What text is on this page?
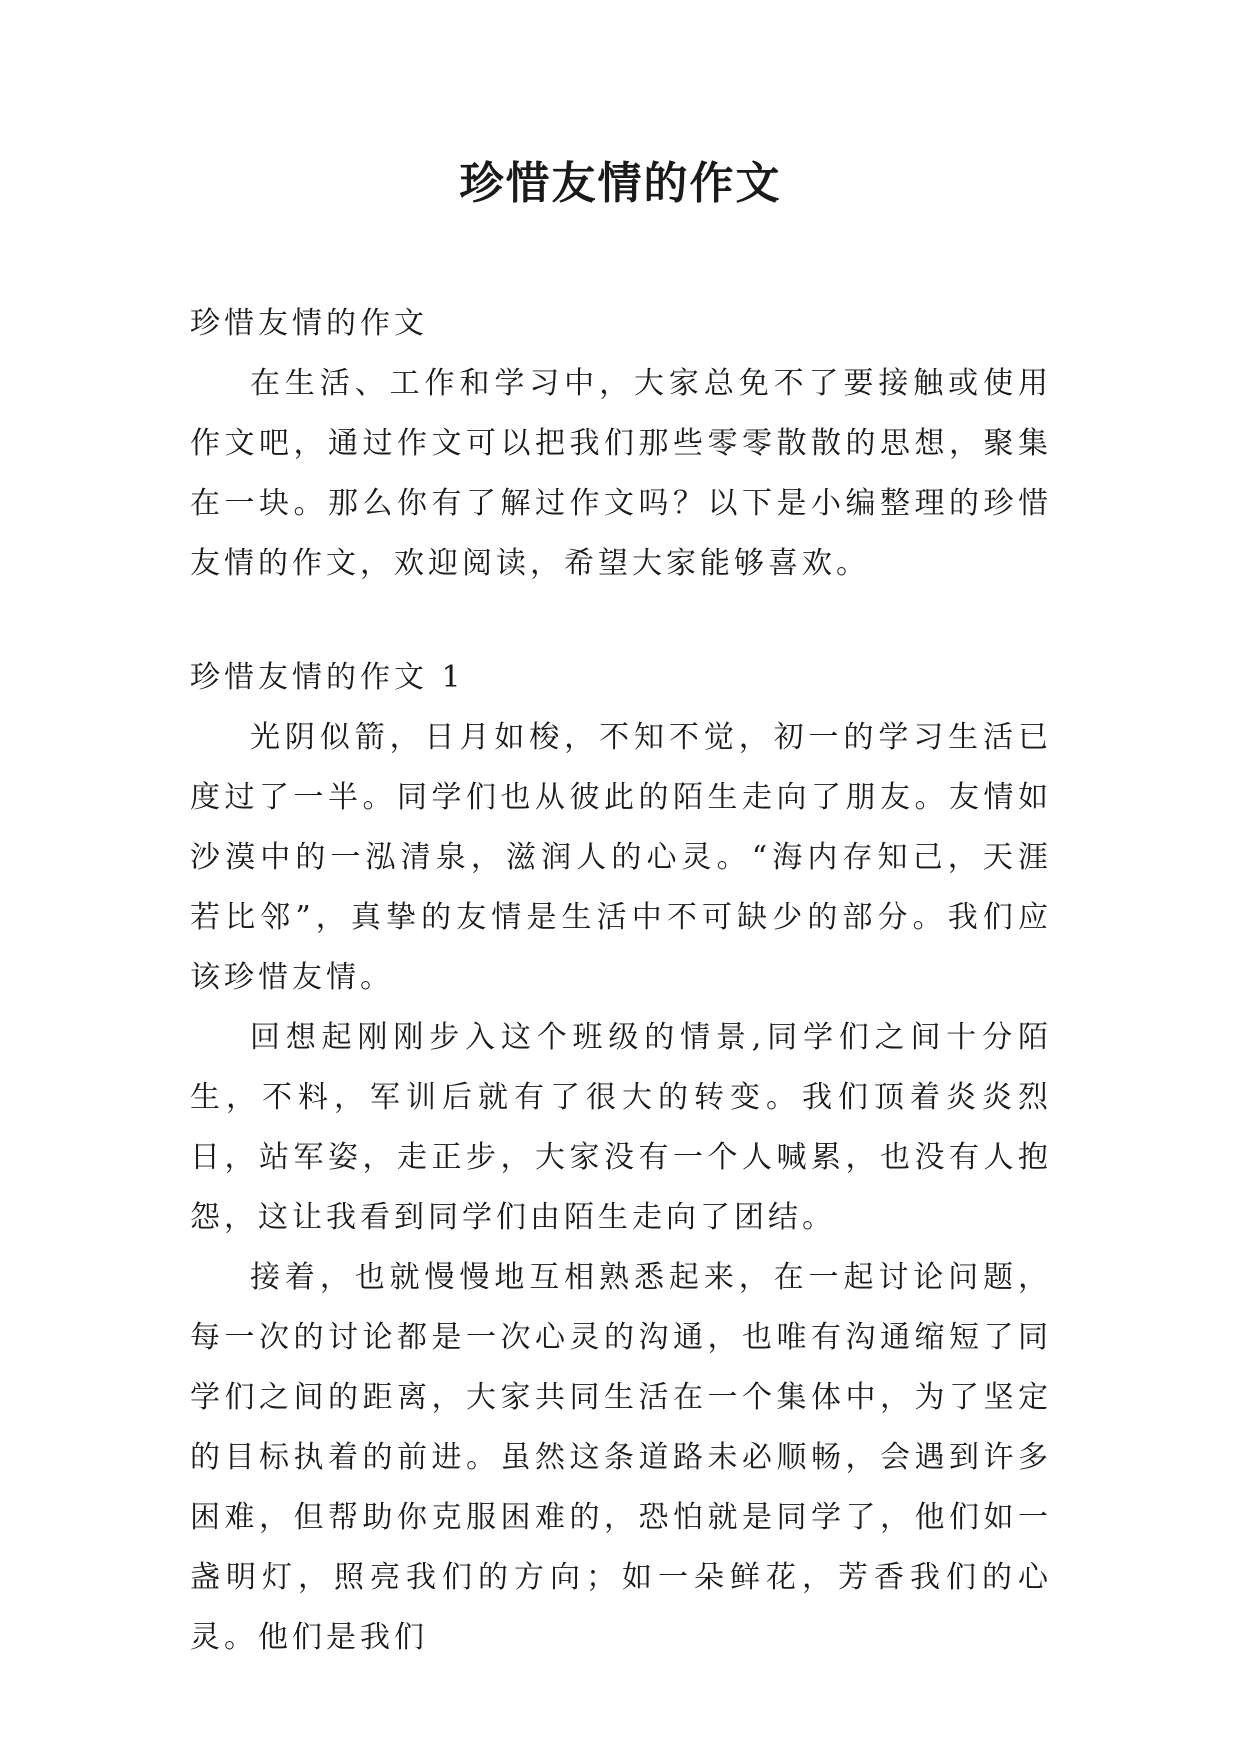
珍惜友情的作文

珍惜友情的作文

在生活、工作和学习中，大家总免不了要接触或使用作文吧，通过作文可以把我们那些零零散散的思想，聚集在一块。那么你有了解过作文吗？以下是小编整理的珍惜友情的作文，欢迎阅读，希望大家能够喜欢。

珍惜友情的作文 1

光阴似箭，日月如梭，不知不觉，初一的学习生活已度过了一半。同学们也从彼此的陌生走向了朋友。友情如沙漠中的一泓清泉，滋润人的心灵。“海内存知己，天涯若比邻”，真挚的友情是生活中不可缺少的部分。我们应该珍惜友情。

回想起刚刚步入这个班级的情景,同学们之间十分陌生，不料，军训后就有了很大的转变。我们顶着炎炎烈日，站军姿，走正步，大家没有一个人喊累，也没有人抱怨，这让我看到同学们由陌生走向了团结。

接着，也就慢慢地互相熟悉起来，在一起讨论问题，每一次的讨论都是一次心灵的沟通，也唯有沟通缩短了同学们之间的距离，大家共同生活在一个集体中，为了坚定的目标执着的前进。虽然这条道路未必顺畅，会遇到许多困难，但帮助你克服困难的，恐怕就是同学了，他们如一盏明灯，照亮我们的方向；如一朵鲜花，芳香我们的心灵。他们是我们
